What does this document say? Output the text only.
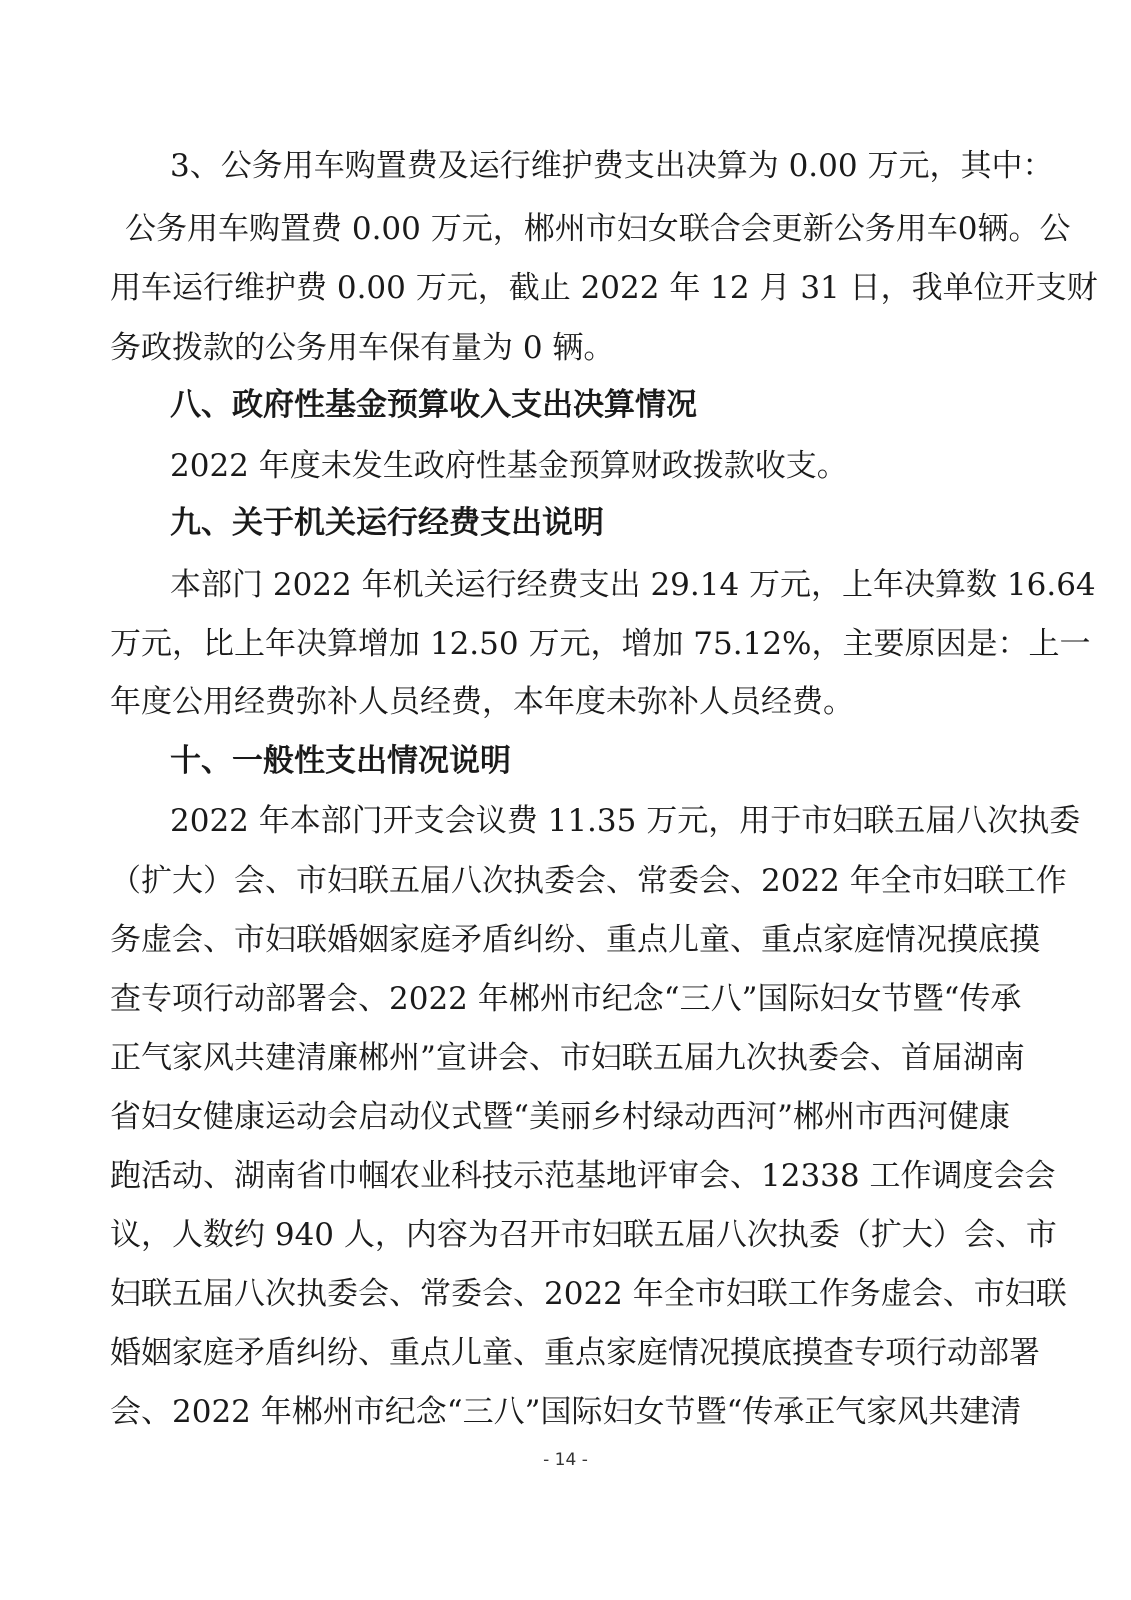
3、公务用车购置费及运行维护费支出决算为 0.00 万元，其中：
公务用车购置费 0.00 万元，郴州市妇女联合会更新公务用车0辆。公
用车运行维护费 0.00 万元，截止 2022 年 12 月 31 日，我单位开支财
务政拨款的公务用车保有量为 0 辆。
八、政府性基金预算收入支出决算情况
2022 年度未发生政府性基金预算财政拨款收支。
九、关于机关运行经费支出说明
本部门 2022 年机关运行经费支出 29.14 万元，上年决算数 16.64
万元，比上年决算增加 12.50 万元，增加 75.12%，主要原因是：上一
年度公用经费弥补人员经费，本年度未弥补人员经费。
十、一般性支出情况说明
2022 年本部门开支会议费 11.35 万元，用于市妇联五届八次执委
（扩大）会、市妇联五届八次执委会、常委会、2022 年全市妇联工作
务虚会、市妇联婚姻家庭矛盾纠纷、重点儿童、重点家庭情况摸底摸
查专项行动部署会、2022 年郴州市纪念“三八”国际妇女节暨“传承
正气家风共建清廉郴州”宣讲会、市妇联五届九次执委会、首届湖南
省妇女健康运动会启动仪式暨“美丽乡村绿动西河”郴州市西河健康
跑活动、湖南省巾帼农业科技示范基地评审会、12338 工作调度会会
议，人数约 940 人，内容为召开市妇联五届八次执委（扩大）会、市
妇联五届八次执委会、常委会、2022 年全市妇联工作务虚会、市妇联
婚姻家庭矛盾纠纷、重点儿童、重点家庭情况摸底摸查专项行动部署
会、2022 年郴州市纪念“三八”国际妇女节暨“传承正气家风共建清
- 14 -
